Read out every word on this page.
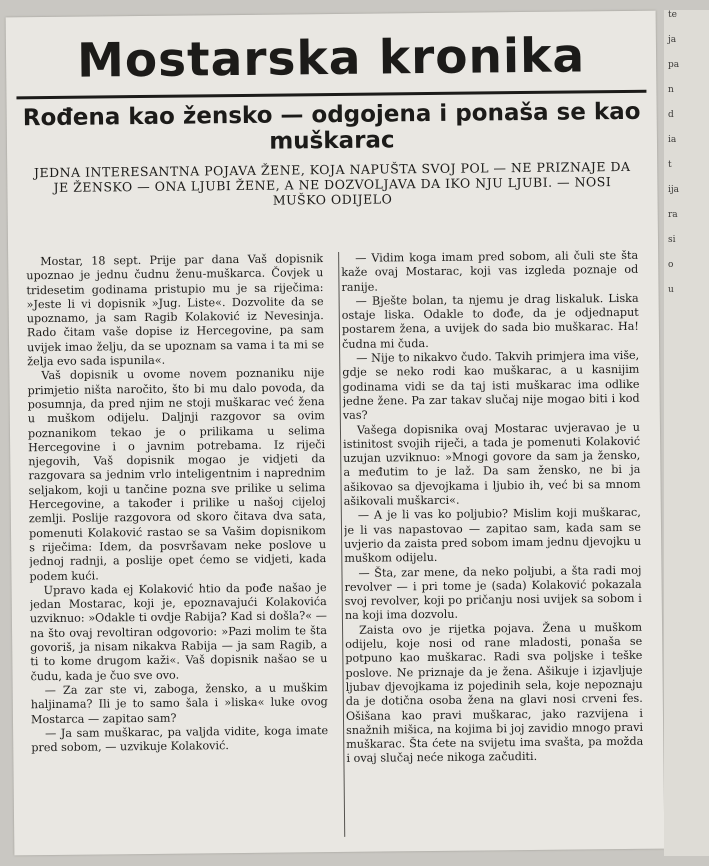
Mostarska kronika
Rođena kao žensko — odgojena i ponaša se kao muškarac
JEDNA INTERESANTNA POJAVA ŽENE, KOJA NAPUŠTA SVOJ POL — NE PRIZNAJE DA JE ŽENSKO — ONA LJUBI ŽENE, A NE DOZVOLJAVA DA IKO NJU LJUBI. — NOSI MUŠKO ODIJELO

Mostar, 18 sept. Prije par dana Vaš dopisnik upoznao je jednu čudnu ženu-muškarca. Čovjek u tridesetim godinama pristupio mu je sa riječima: »Jeste li vi dopisnik »Jug. Liste«. Dozvolite da se upoznamo, ja sam Ragib Kolaković iz Nevesinja. Rado čitam vaše dopise iz Hercegovine, pa sam uvijek imao želju, da se upoznam sa vama i ta mi se želja evo sada ispunila«.

Vaš dopisnik u ovome novem poznaniku nije primjetio ništa naročito, što bi mu dalo povoda, da posumnja, da pred njim ne stoji muškarac već žena u muškom odijelu. Daljnji razgovor sa ovim poznanikom tekao je o prilikama u selima Hercegovine i o javnim potrebama. Iz riječi njegovih, Vaš dopisnik mogao je vidjeti da razgovara sa jednim vrlo inteligentnim i naprednim seljakom, koji u tančine pozna sve prilike u selima Hercegovine, a također i prilike u našoj cijeloj zemlji. Poslije razgovora od skoro čitava dva sata, pomenuti Kolaković rastao se sa Vašim dopisnikom s riječima: Idem, da posvršavam neke poslove u jednoj radnji, a poslije opet ćemo se vidjeti, kada podem kući.

Upravo kada ej Kolaković htio da pođe našao je jedan Mostarac, koji je, epoznavajući Kolakovića uzviknuo: »Odakle ti ovdje Rabija? Kad si došla?« — na što ovaj revoltiran odgovorio: »Pazi molim te šta govoriš, ja nisam nikakva Rabija — ja sam Ragib, a ti to kome drugom kaži«. Vaš dopisnik našao se u čudu, kada je čuo sve ovo.

— Za zar ste vi, zaboga, žensko, a u muškim haljinama? Ili je to samo šala i »liska« luke ovog Mostarca — zapitao sam?

— Ja sam muškarac, pa valjda vidite, koga imate pred sobom, — uzvikuje Kolaković.

— Vidim koga imam pred sobom, ali čuli ste šta kaže ovaj Mostarac, koji vas izgleda poznaje od ranije.

— Bješte bolan, ta njemu je drag liskaluk. Liska ostaje liska. Odakle to dođe, da je odjednaput postarem žena, a uvijek do sada bio muškarac. Ha! čudna mi čuda.

— Nije to nikakvo čudo. Takvih primjera ima više, gdje se neko rodi kao muškarac, a u kasnijim godinama vidi se da taj isti muškarac ima odlike jedne žene. Pa zar takav slučaj nije mogao biti i kod vas?

Vašega dopisnika ovaj Mostarac uvjeravao je u istinitost svojih riječi, a tada je pomenuti Kolaković uzujan uzviknuo: »Mnogi govore da sam ja žensko, a međutim to je laž. Da sam žensko, ne bi ja ašikovao sa djevojkama i ljubio ih, već bi sa mnom ašikovali muškarci«.

— A je li vas ko poljubio? Mislim koji muškarac, je li vas napastovao — zapitao sam, kada sam se uvjerio da zaista pred sobom imam jednu djevojku u muškom odijelu.

— Šta, zar mene, da neko poljubi, a šta radi moj revolver — i pri tome je (sada) Kolaković pokazala svoj revolver, koji po pričanju nosi uvijek sa sobom i na koji ima dozvolu.

Zaista ovo je rijetka pojava. Žena u muškom odijelu, koje nosi od rane mladosti, ponaša se potpuno kao muškarac. Radi sva poljske i teške poslove. Ne priznaje da je žena. Ašikuje i izjavljuje ljubav djevojkama iz pojedinih sela, koje nepoznaju da je dotična osoba žena na glavi nosi crveni fes. Ošišana kao pravi muškarac, jako razvijena i snažnih mišica, na kojima bi joj zavidio mnogo pravi muškarac. Šta ćete na svijetu ima svašta, pa možda i ovaj slučaj neće nikoga začuditi.

te
ja
pa
n
d
ia
t
ija
ra
si
o
u
